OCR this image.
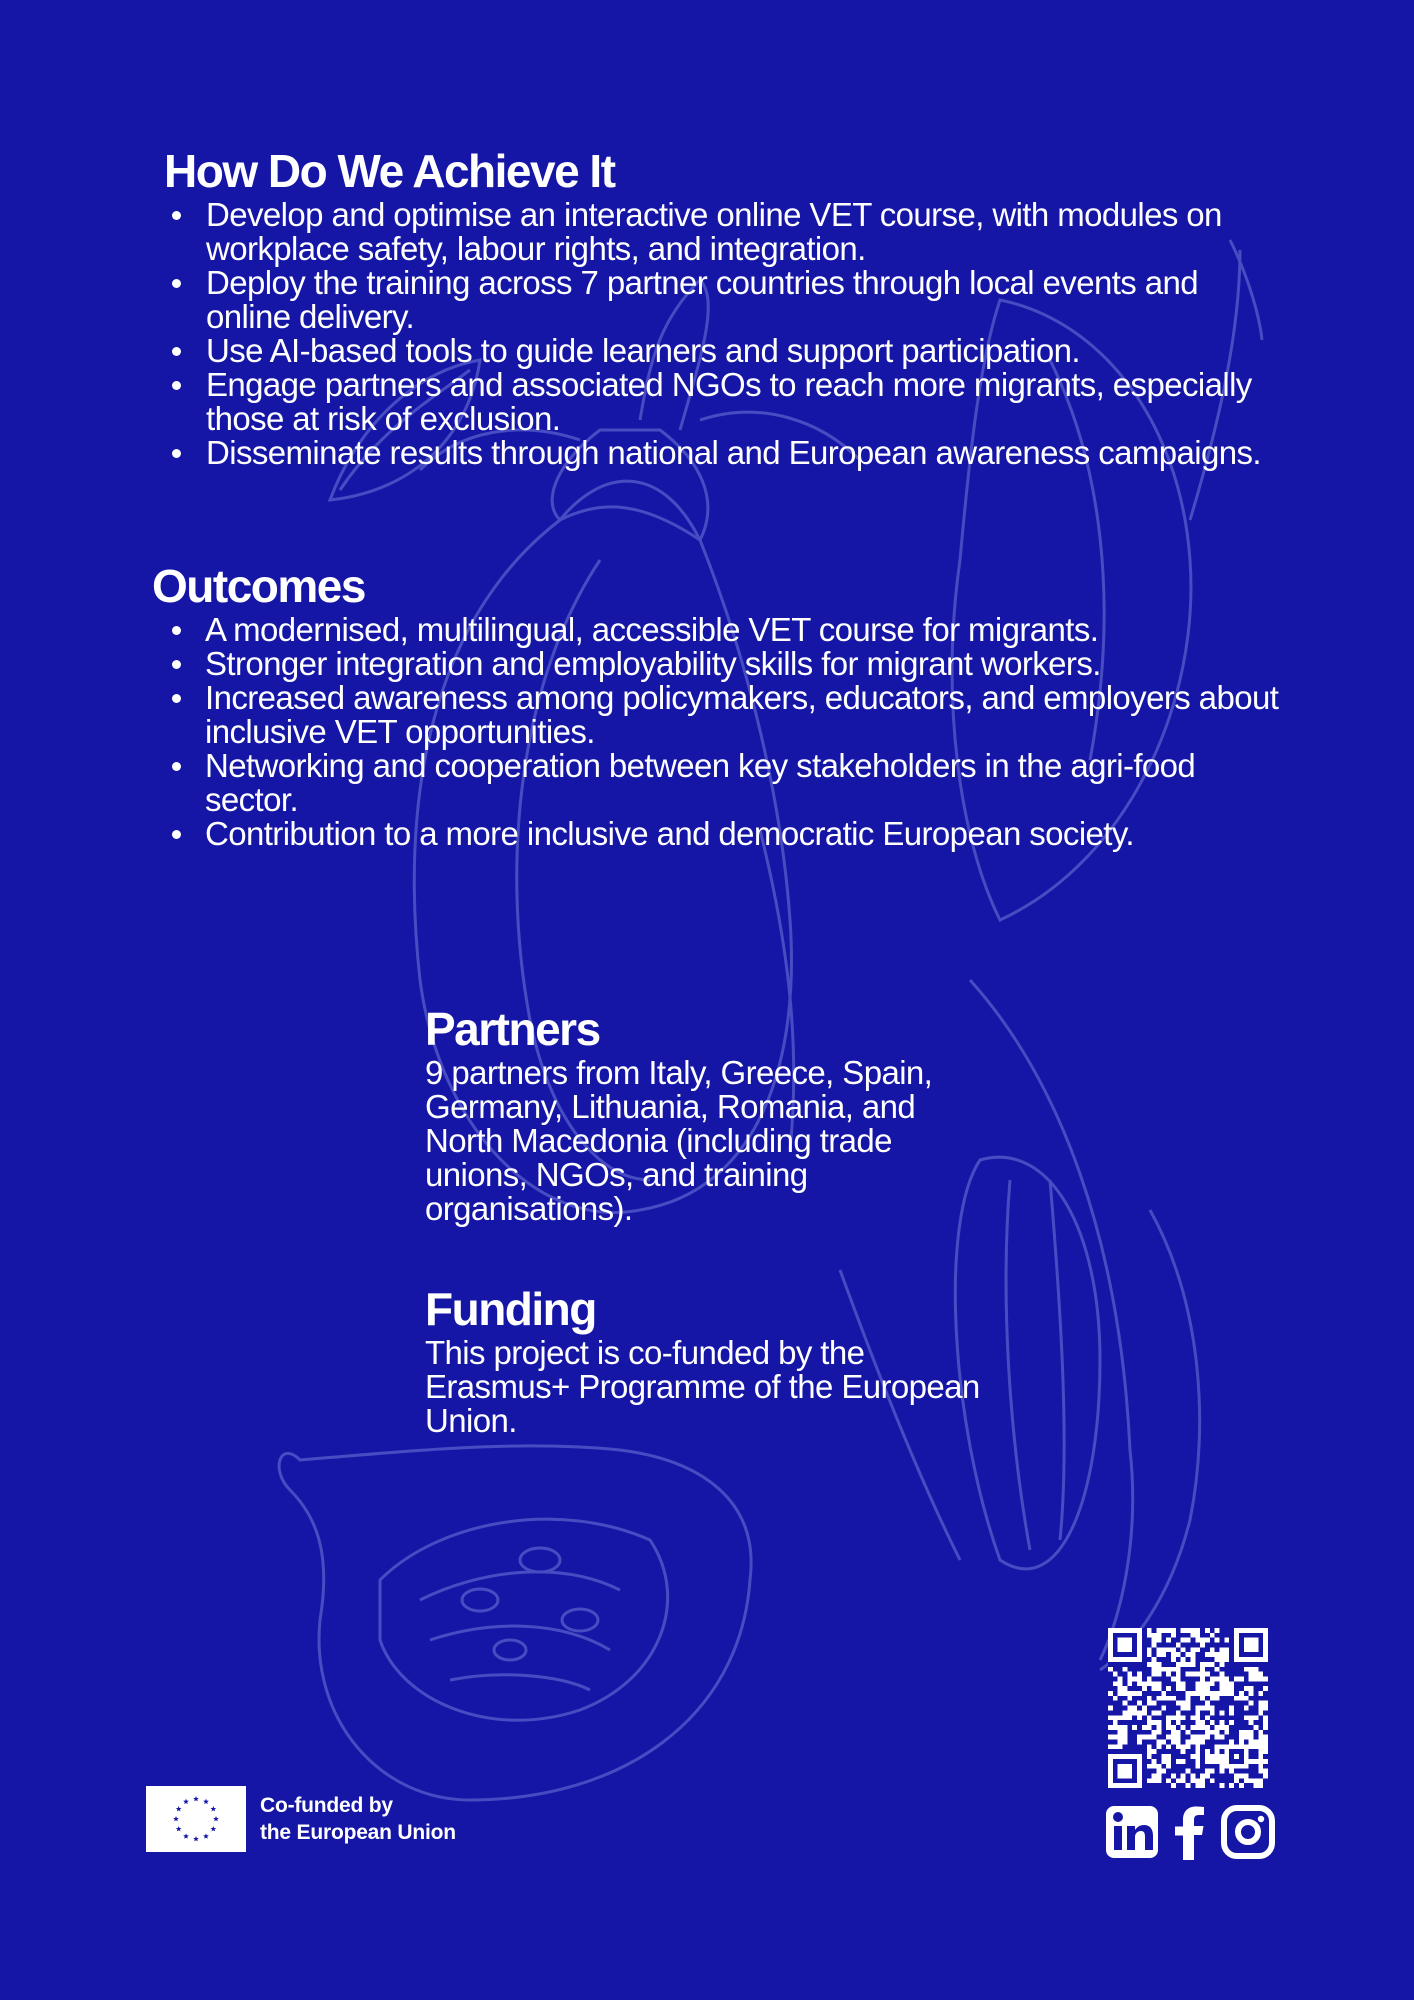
How Do We Achieve It
Develop and optimise an interactive online VET course, with modules on workplace safety, labour rights, and integration.
Deploy the training across 7 partner countries through local events and online delivery.
Use AI-based tools to guide learners and support participation.
Engage partners and associated NGOs to reach more migrants, especially those at risk of exclusion.
Disseminate results through national and European awareness campaigns.
Outcomes
A modernised, multilingual, accessible VET course for migrants.
Stronger integration and employability skills for migrant workers.
Increased awareness among policymakers, educators, and employers about inclusive VET opportunities.
Networking and cooperation between key stakeholders in the agri-food sector.
Contribution to a more inclusive and democratic European society.
Partners

9 partners from Italy, Greece, Spain, Germany, Lithuania, Romania, and North Macedonia (including trade unions, NGOs, and training organisations).

Funding

This project is co-funded by the Erasmus+ Programme of the European Union.

Co-funded by
the European Union
